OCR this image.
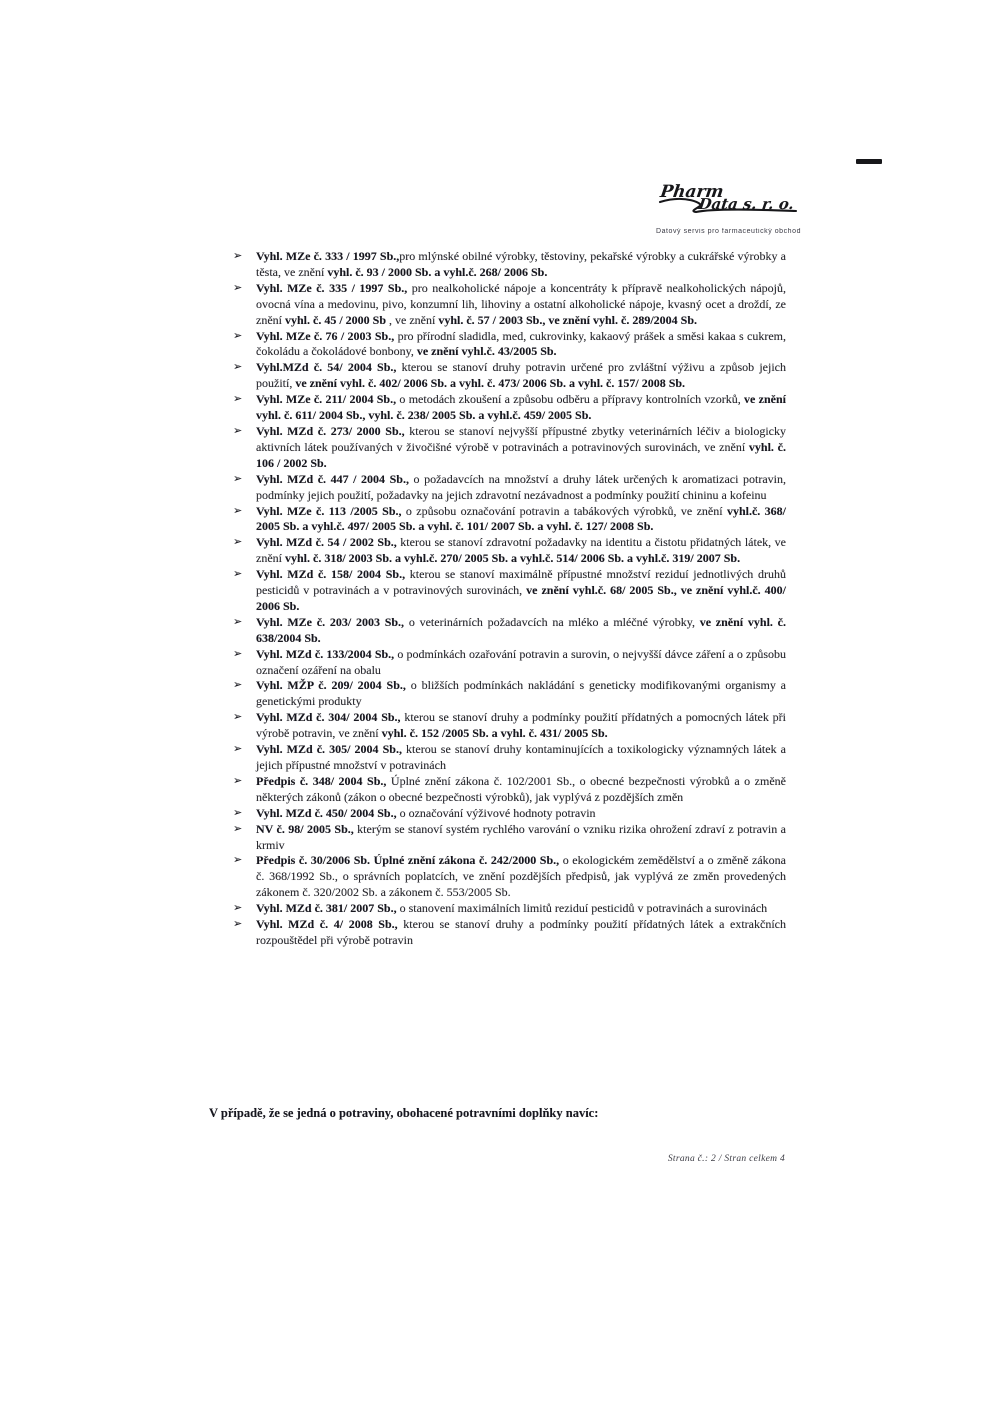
Pharm
Data s. r. o.
Datový servis pro farmaceutický obchod
➢ Vyhl. MZe č. 333 / 1997 Sb.,pro mlýnské obilné výrobky, těstoviny, pekařské výrobky a cukrářské výrobky a těsta, ve znění vyhl. č. 93 / 2000 Sb. a vyhl.č. 268/ 2006 Sb.
➢ Vyhl. MZe č. 335 / 1997 Sb., pro nealkoholické nápoje a koncentráty k přípravě nealkoholických nápojů, ovocná vína a medovinu, pivo, konzumní lih, lihoviny a ostatní alkoholické nápoje, kvasný ocet a droždí, ze znění vyhl. č. 45 / 2000 Sb , ve znění vyhl. č. 57 / 2003 Sb., ve znění vyhl. č. 289/2004 Sb.
➢ Vyhl. MZe č. 76 / 2003 Sb., pro přírodní sladidla, med, cukrovinky, kakaový prášek a směsi kakaa s cukrem, čokoládu a čokoládové bonbony, ve znění vyhl.č. 43/2005 Sb.
➢ Vyhl.MZd č. 54/ 2004 Sb., kterou se stanoví druhy potravin určené pro zvláštní výživu a způsob jejich použití, ve znění vyhl. č. 402/ 2006 Sb. a vyhl. č. 473/ 2006 Sb. a vyhl. č. 157/ 2008 Sb.
➢ Vyhl. MZe č. 211/ 2004 Sb., o metodách zkoušení a způsobu odběru a přípravy kontrolních vzorků, ve znění vyhl. č. 611/ 2004 Sb., vyhl. č. 238/ 2005 Sb. a vyhl.č. 459/ 2005 Sb.
➢ Vyhl. MZd č. 273/ 2000 Sb., kterou se stanoví nejvyšší přípustné zbytky veterinárních léčiv a biologicky aktivních látek používaných v živočišné výrobě v potravinách a potravinových surovinách, ve znění vyhl. č. 106 / 2002 Sb.
➢ Vyhl. MZd č. 447 / 2004 Sb., o požadavcích na množství a druhy látek určených k aromatizaci potravin, podmínky jejich použití, požadavky na jejich zdravotní nezávadnost a podmínky použití chininu a kofeinu
➢ Vyhl. MZe č. 113 /2005 Sb., o způsobu označování potravin a tabákových výrobků, ve znění vyhl.č. 368/ 2005 Sb. a vyhl.č. 497/ 2005 Sb. a vyhl. č. 101/ 2007 Sb. a vyhl. č. 127/ 2008 Sb.
➢ Vyhl. MZd č. 54 / 2002 Sb., kterou se stanoví zdravotní požadavky na identitu a čistotu přidatných látek, ve znění vyhl. č. 318/ 2003 Sb. a vyhl.č. 270/ 2005 Sb. a vyhl.č. 514/ 2006 Sb. a vyhl.č. 319/ 2007 Sb.
➢ Vyhl. MZd č. 158/ 2004 Sb., kterou se stanoví maximálně přípustné množství reziduí jednotlivých druhů pesticidů v potravinách a v potravinových surovinách, ve znění vyhl.č. 68/ 2005 Sb., ve znění vyhl.č. 400/ 2006 Sb.
➢ Vyhl. MZe č. 203/ 2003 Sb., o veterinárních požadavcích na mléko a mléčné výrobky, ve znění vyhl. č. 638/2004 Sb.
➢ Vyhl. MZd č. 133/2004 Sb., o podmínkách ozařování potravin a surovin, o nejvyšší dávce záření a o způsobu označení ozáření na obalu
➢ Vyhl. MŽP č. 209/ 2004 Sb., o bližších podmínkách nakládání s geneticky modifikovanými organismy a genetickými produkty
➢ Vyhl. MZd č. 304/ 2004 Sb., kterou se stanoví druhy a podmínky použití přídatných a pomocných látek při výrobě potravin, ve znění vyhl. č. 152 /2005 Sb. a vyhl. č. 431/ 2005 Sb.
➢ Vyhl. MZd č. 305/ 2004 Sb., kterou se stanoví druhy kontaminujících a toxikologicky významných látek a jejich přípustné množství v potravinách
➢ Předpis č. 348/ 2004 Sb., Úplné znění zákona č. 102/2001 Sb., o obecné bezpečnosti výrobků a o změně některých zákonů (zákon o obecné bezpečnosti výrobků), jak vyplývá z pozdějších změn
➢ Vyhl. MZd č. 450/ 2004 Sb., o označování výživové hodnoty potravin
➢ NV č. 98/ 2005 Sb., kterým se stanoví systém rychlého varování o vzniku rizika ohrožení zdraví z potravin a krmiv
➢ Předpis č. 30/2006 Sb. Úplné znění zákona č. 242/2000 Sb., o ekologickém zemědělství a o změně zákona č. 368/1992 Sb., o správních poplatcích, ve znění pozdějších předpisů, jak vyplývá ze změn provedených zákonem č. 320/2002 Sb. a zákonem č. 553/2005 Sb.
➢ Vyhl. MZd č. 381/ 2007 Sb., o stanovení maximálních limitů reziduí pesticidů v potravinách a surovinách
➢ Vyhl. MZd č. 4/ 2008 Sb., kterou se stanoví druhy a podmínky použití přídatných látek a extrakčních rozpouštědel při výrobě potravin
V případě, že se jedná o potraviny, obohacené potravními doplňky navíc:
Strana č.: 2 / Stran celkem 4
